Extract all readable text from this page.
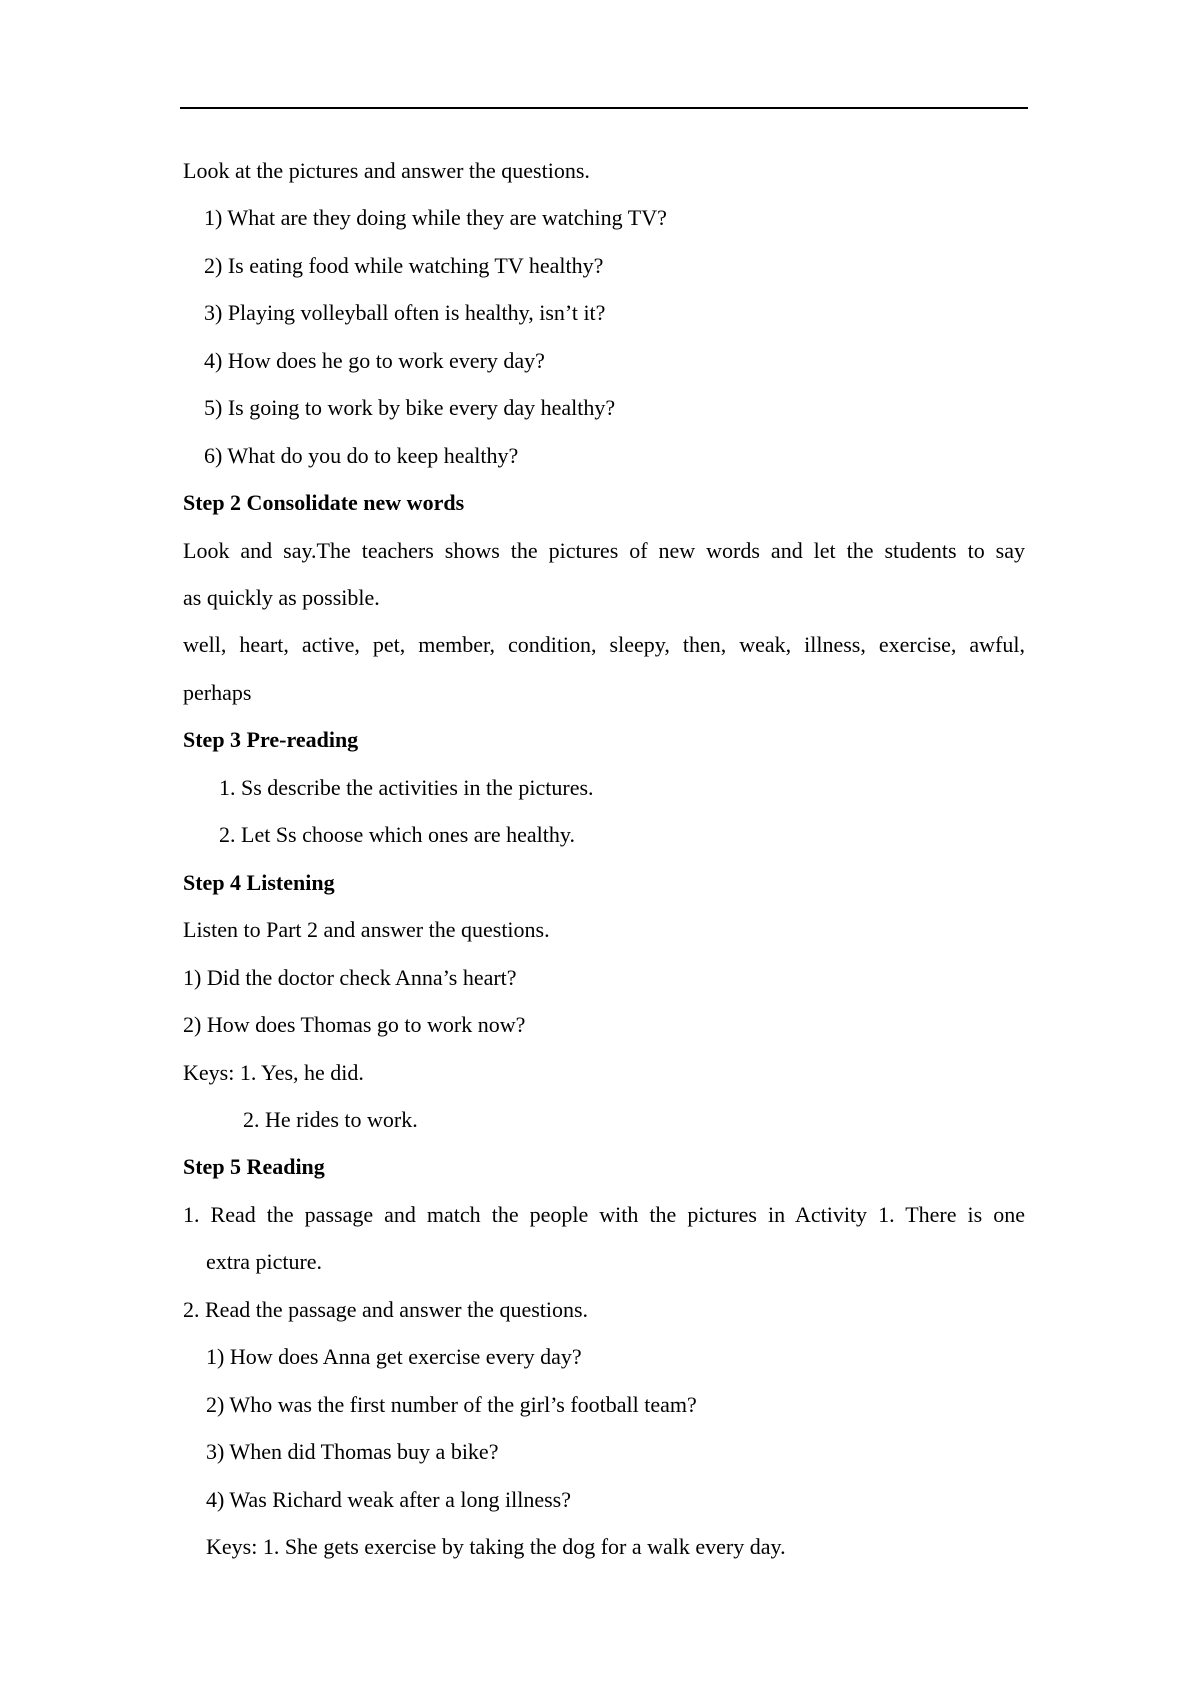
Look at the pictures and answer the questions.
1) What are they doing while they are watching TV?
2) Is eating food while watching TV healthy?
3) Playing volleyball often is healthy, isn’t it?
4) How does he go to work every day?
5) Is going to work by bike every day healthy?
6) What do you do to keep healthy?
Step 2 Consolidate new words
Look and say.The teachers shows the pictures of new words and let the students to say
as quickly as possible.
well, heart, active, pet, member, condition, sleepy, then, weak, illness, exercise, awful,
perhaps
Step 3 Pre-reading
1. Ss describe the activities in the pictures.
2. Let Ss choose which ones are healthy.
Step 4 Listening
Listen to Part 2 and answer the questions.
1) Did the doctor check Anna’s heart?
2) How does Thomas go to work now?
Keys: 1. Yes, he did.
2. He rides to work.
Step 5 Reading
1. Read the passage and match the people with the pictures in Activity 1. There is one
extra picture.
2. Read the passage and answer the questions.
1) How does Anna get exercise every day?
2) Who was the first number of the girl’s football team?
3) When did Thomas buy a bike?
4) Was Richard weak after a long illness?
Keys: 1. She gets exercise by taking the dog for a walk every day.
